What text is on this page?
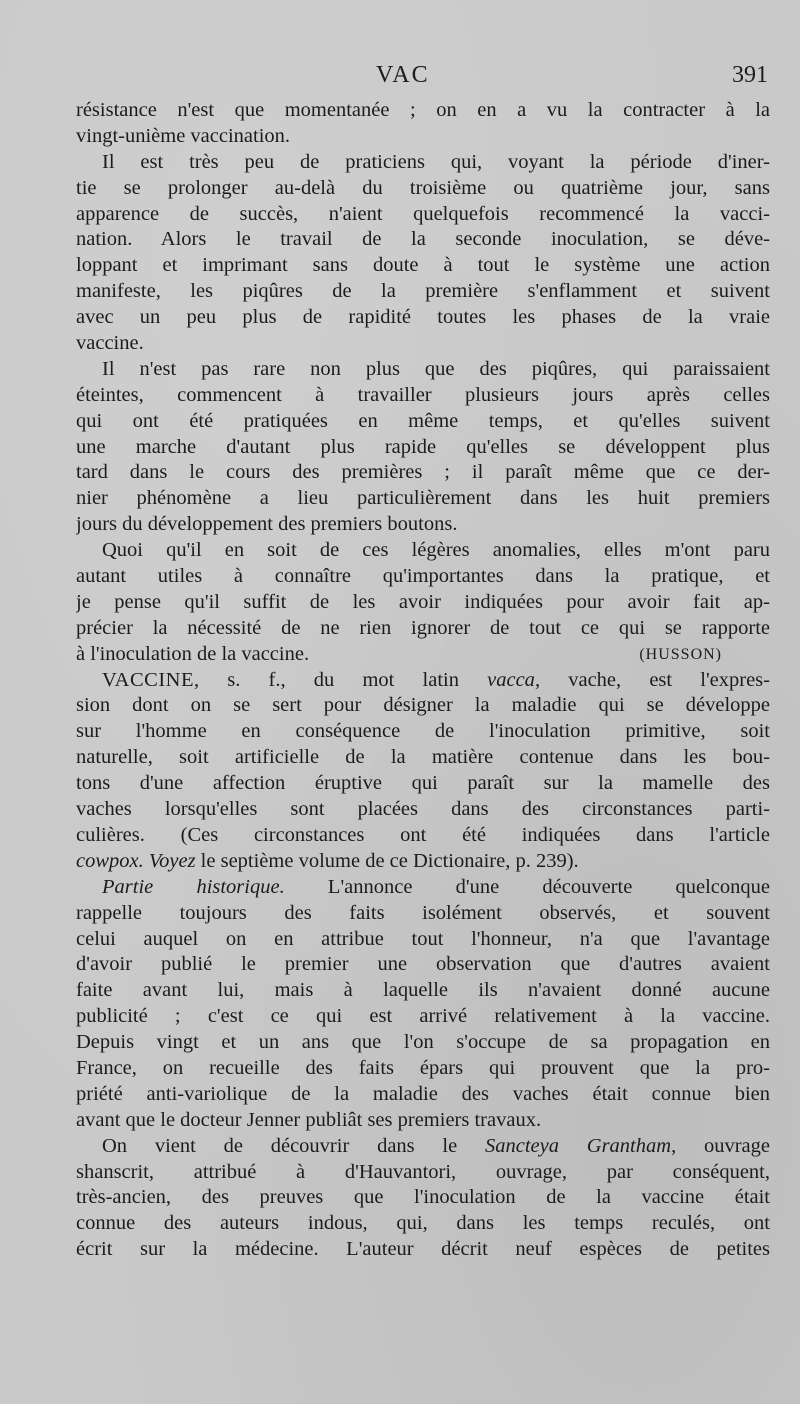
VAC	391
résistance n'est que momentanée ; on en a vu la contracter à la
vingt-unième vaccination.
Il est très peu de praticiens qui, voyant la période d'iner-
tie se prolonger au-delà du troisième ou quatrième jour, sans
apparence de succès, n'aient quelquefois recommencé la vacci-
nation. Alors le travail de la seconde inoculation, se déve-
loppant et imprimant sans doute à tout le système une action
manifeste, les piqûres de la première s'enflamment et suivent
avec un peu plus de rapidité toutes les phases de la vraie
vaccine.
Il n'est pas rare non plus que des piqûres, qui paraissaient
éteintes, commencent à travailler plusieurs jours après celles
qui ont été pratiquées en même temps, et qu'elles suivent
une marche d'autant plus rapide qu'elles se développent plus
tard dans le cours des premières ; il paraît même que ce der-
nier phénomène a lieu particulièrement dans les huit premiers
jours du développement des premiers boutons.
Quoi qu'il en soit de ces légères anomalies, elles m'ont paru
autant utiles à connaître qu'importantes dans la pratique, et
je pense qu'il suffit de les avoir indiquées pour avoir fait ap-
précier la nécessité de ne rien ignorer de tout ce qui se rapporte
à l'inoculation de la vaccine.	(HUSSON)
VACCINE, s. f., du mot latin vacca, vache, est l'expres-
sion dont on se sert pour désigner la maladie qui se développe
sur l'homme en conséquence de l'inoculation primitive, soit
naturelle, soit artificielle de la matière contenue dans les bou-
tons d'une affection éruptive qui paraît sur la mamelle des
vaches lorsqu'elles sont placées dans des circonstances parti-
culières. (Ces circonstances ont été indiquées dans l'article
cowpox. Voyez le septième volume de ce Dictionaire, p. 239).
Partie historique. L'annonce d'une découverte quelconque
rappelle toujours des faits isolément observés, et souvent
celui auquel on en attribue tout l'honneur, n'a que l'avantage
d'avoir publié le premier une observation que d'autres avaient
faite avant lui, mais à laquelle ils n'avaient donné aucune
publicité ; c'est ce qui est arrivé relativement à la vaccine.
Depuis vingt et un ans que l'on s'occupe de sa propagation en
France, on recueille des faits épars qui prouvent que la pro-
priété anti-variolique de la maladie des vaches était connue bien
avant que le docteur Jenner publiât ses premiers travaux.
On vient de découvrir dans le Sancteya Grantham, ouvrage
shanscrit, attribué à d'Hauvantori, ouvrage, par conséquent,
très-ancien, des preuves que l'inoculation de la vaccine était
connue des auteurs indous, qui, dans les temps reculés, ont
écrit sur la médecine. L'auteur décrit neuf espèces de petites
